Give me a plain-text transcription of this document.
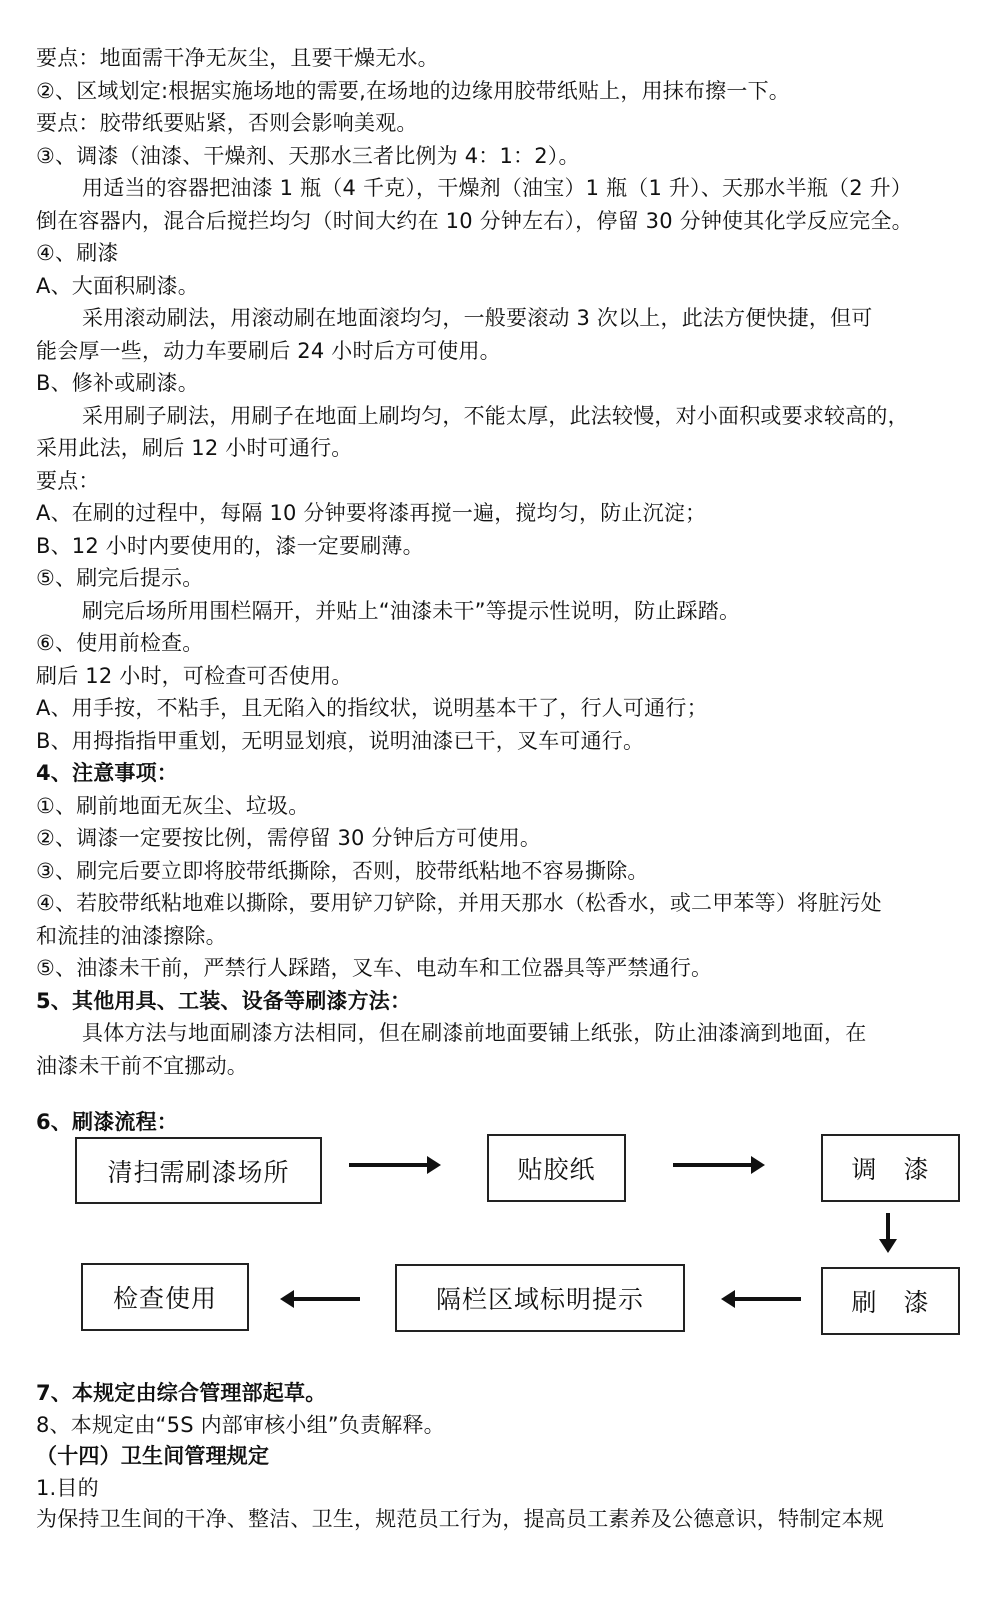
要点：地面需干净无灰尘，且要干燥无水。
②、区域划定:根据实施场地的需要,在场地的边缘用胶带纸贴上，用抹布擦一下。
要点：胶带纸要贴紧，否则会影响美观。
③、调漆（油漆、干燥剂、天那水三者比例为 4：1：2）。
用适当的容器把油漆 1 瓶（4 千克），干燥剂（油宝）1 瓶（1 升）、天那水半瓶（2 升）
倒在容器内，混合后搅拦均匀（时间大约在 10 分钟左右），停留 30 分钟使其化学反应完全。
④、刷漆
A、大面积刷漆。
采用滚动刷法，用滚动刷在地面滚均匀，一般要滚动 3 次以上，此法方便快捷，但可
能会厚一些，动力车要刷后 24 小时后方可使用。
B、修补或刷漆。
采用刷子刷法，用刷子在地面上刷均匀，不能太厚，此法较慢，对小面积或要求较高的，
采用此法，刷后 12 小时可通行。
要点：
A、在刷的过程中，每隔 10 分钟要将漆再搅一遍，搅均匀，防止沉淀；
B、12 小时内要使用的，漆一定要刷薄。
⑤、刷完后提示。
刷完后场所用围栏隔开，并贴上“油漆未干”等提示性说明，防止踩踏。
⑥、使用前检查。
刷后 12 小时，可检查可否使用。
A、用手按，不粘手，且无陷入的指纹状，说明基本干了，行人可通行；
B、用拇指指甲重划，无明显划痕，说明油漆已干，叉车可通行。
4、注意事项：
①、刷前地面无灰尘、垃圾。
②、调漆一定要按比例，需停留 30 分钟后方可使用。
③、刷完后要立即将胶带纸撕除，否则，胶带纸粘地不容易撕除。
④、若胶带纸粘地难以撕除，要用铲刀铲除，并用天那水（松香水，或二甲苯等）将脏污处
和流挂的油漆擦除。
⑤、油漆未干前，严禁行人踩踏，叉车、电动车和工位器具等严禁通行。
5、其他用具、工装、设备等刷漆方法：
具体方法与地面刷漆方法相同，但在刷漆前地面要铺上纸张，防止油漆滴到地面，在
油漆未干前不宜挪动。
6、刷漆流程：
清扫需刷漆场所	贴胶纸	调　漆
刷　漆
隔栏区域标明提示
检查使用
7、本规定由综合管理部起草。
8、本规定由“5S 内部审核小组”负责解释。
（十四）卫生间管理规定
1.目的
为保持卫生间的干净、整洁、卫生，规范员工行为，提高员工素养及公德意识，特制定本规
